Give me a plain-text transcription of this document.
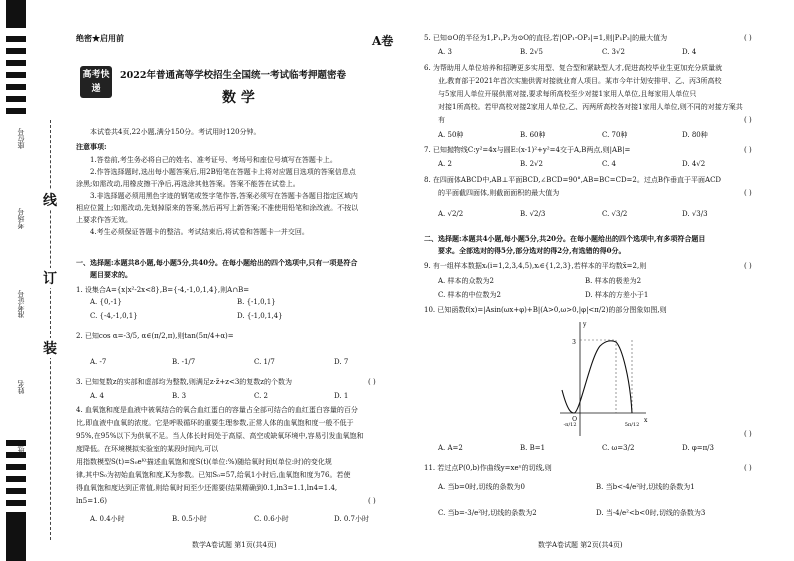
座位号
考场号
准考证号
姓名
班级
线
订
装
绝密★启用前	A卷
高考快递
2022年普通高等学校招生全国统一考试临考押题密卷
数 学
本试卷共4页,22小题,满分150分。考试用时120分钟。
注意事项:
1.答卷前,考生务必将自己的姓名、准考证号、考场号和座位号填写在答题卡上。
2.作答选择题时,选出每小题答案后,用2B铅笔在答题卡上将对应题目选项的答案信息点
涂黑;如需改动,用橡皮擦干净后,再选涂其他答案。答案不能答在试卷上。
3.非选择题必须用黑色字迹的钢笔或签字笔作答,答案必须写在答题卡各题目指定区域内
相应位置上;如需改动,先划掉原来的答案,然后再写上新答案;不准使用铅笔和涂改液。不按以
上要求作答无效。
4.考生必须保证答题卡的整洁。考试结束后,将试卷和答题卡一并交回。
一、选择题:本题共8小题,每小题5分,共40分。在每小题给出的四个选项中,只有一项是符合
题目要求的。
1. 设集合A={x|x²-2x<8},B={-4,-1,0,1,4},则A∩B=
A. {0,-1}	B. {-1,0,1}
C. {-4,-1,0,1}	D. {-1,0,1,4}
2. 已知cos α=-3/5, α∈(π/2,π),则tan(5π/4+α)=
A. -7	B. -1/7	C. 1/7	D. 7
3. 已知复数z的实部和虚部均为整数,则满足z·z̄+z<3的复数z的个数为	( )
A. 4	B. 3	C. 2	D. 1
4. 血氧饱和度是血液中被氧结合的氧合血红蛋白的容量占全部可结合的血红蛋白容量的百分
比,即血液中血氧的浓度。它是呼吸循环的重要生理参数,正常人体的血氧饱和度一般不低于
95%,在95%以下为供氧不足。当人体长时间处于高原、高空或缺氧环境中,容易引发血氧饱和
度降低。在环境模拟实验室的某段时间内,可以
用指数模型S(t)=S₀eᴷᵗ描述血氧饱和度S(t)(单位:%)随给氧时间t(单位:时)的变化规
律,其中S₀为初始血氧饱和度,K为参数。已知S₀=57,给氧1小时后,血氧饱和度为76。若使
得血氧饱和度达到正常值,则给氧时间至少还需要(结果精确到0.1,ln3=1.1,ln4=1.4,
ln5=1.6)	( )
A. 0.4小时	B. 0.5小时	C. 0.6小时	D. 0.7小时
数学A卷试题 第1页(共4页)
5. 已知⊙O的半径为1,P₁,P₂为⊙O的直径,若|OP₁-OP₂|=1,则|P₁P₂|的最大值为	( )
A. 3	B. 2√5	C. 3√2	D. 4
6. 为帮助用人单位培养和招聘更多实用型、复合型和紧缺型人才,促进高校毕业生更加充分质量就
业,教育部于2021年首次实施供需对接就业育人项目。某市今年计划安排甲、乙、丙3所高校
与5家用人单位开展供需对接,要求每所高校至少对接1家用人单位,且每家用人单位只
对接1所高校。若甲高校对接2家用人单位,乙、丙两所高校各对接1家用人单位,则不同的对接方案共
有	( )
A. 50种	B. 60种	C. 70种	D. 80种
7. 已知抛物线C:y²=4x与圆E:(x-1)²+y²=4交于A,B两点,则|AB|=	( )
A. 2	B. 2√2	C. 4	D. 4√2
8. 在四面体ABCD中,AB⊥平面BCD,∠BCD=90°,AB=BC=CD=2。过点B作垂直于平面ACD
的平面截四面体,则截面面积的最大值为	( )
A. √2/2	B. √2/3	C. √3/2	D. √3/3
二、选择题:本题共4小题,每小题5分,共20分。在每小题给出的四个选项中,有多项符合题目
要求。全部选对的得5分,部分选对的得2分,有选错的得0分。
9. 有一组样本数据xᵢ(i=1,2,3,4,5),xᵢ∈{1,2,3},若样本的平均数x̄=2,则	( )
A. 样本的众数为2	B. 样本的极差为2
C. 样本的中位数为2	D. 样本的方差小于1
10. 已知函数f(x)=|Asin(ωx+φ)+B|(A>0,ω>0,|φ|<π/2)的部分图象如图,则
3
-π/12	5π/12
O	x
y
( )
A. A=2	B. B=1	C. ω=3/2	D. φ=π/3
11. 若过点P(0,b)作曲线y=xeˣ的切线,则	( )
A. 当b=0时,切线的条数为0	B. 当b<-4/e²时,切线的条数为1
C. 当b=-3/e²时,切线的条数为2	D. 当-4/e²<b<0时,切线的条数为3
数学A卷试题 第2页(共4页)
